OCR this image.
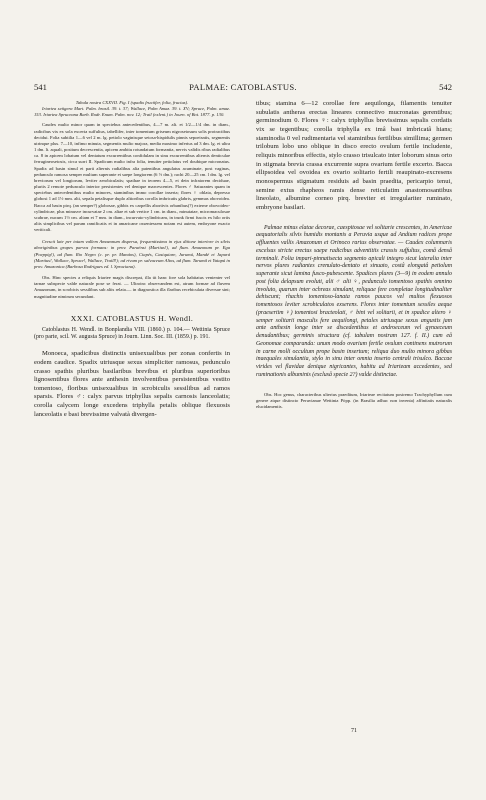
541	PALMAE: CATOBLASTUS.	542

Tabula nostra CXXVII. Fig. I (spadix fructifer, folia, fructus).

Iriartea setigera Mart. Palm. brasil. 39. t. 37; Wallace, Palm Amaz. 39. t. XV; Spruce, Palm. amaz. 153. Iriartea Spruceana Barb. Rodr. Enum. Palm. nov. 12; Trail (exlent.) in Journ. of Bot. 1877. p. 130.

Caudex multo minor quam in speciebus antecedentibus, 4—7 m. alt. et 1/2—1/4 dm. in diam., radicibus vix ex sola excerta suffultus, tabellifer, inter tomentum griseum nigrosetosum solis protractibus decidui. Folia subtilia 1—6 vel 2 m. lg. petiolo vaginisque setosa-hispidulis pinnis sepoeisntis, segmentis utrinque plus. 7—10, infimo minuta, segmentis multo majora, media maximo inferius ad 3 dm. lg. et ultra 1 dm. lt. aquali, positum decrescentia, apicem ambitu rotundatum formantia, nervis validis ribus radialibus ca. 8 in apicem lobatum vel dentatum excurrentibus confidulam in sinu excurrentibus alternis denticulae ferrugineosetosis, circa surri II. Spadicum multo infra folia, tenuiter petiolatus vel doubique micronatus. Spadix ad basin simul et parti alternis radialibus alia patentibus angulatus acuminate, post vaginas, pedunculo ramosa semper multum superante et saepe longiorem (6 ½ dm.); rachi 20—25 cm. l dm. lg. vel breviorum vel longiorum, leviter zerobiculatis; spathae in teorem 4—5, et dein infratorem deciduae, pluriis 2 remote pedunculo interior persistentes vel denique marcescentes. Flores ♂ Saturantes quam in speciebus antecedentibus multo minores, staminibus immo corollae inserta; flores ♀ oblata, depresso globosi 1 ad 1½ mm. alti, sepala petalisque duplo altioribus corolla imbricatis glabris, gemmas obovoidea. Bacca ad basin pirq. (an semper?) globosae, gibbis ex carpellis abortivis orbanibus(?) externe obovoideo-cylindricae, plus minusve incurvatae 2 cm. altae et sub vertice 1 cm. in diam., minutatae, micromaculosae scabrae, nucum 1½ cm. altam et 7 mm. in diam., incurvato-cylindricam, in trunk firmi fuscis ex hilo ortis aliis simplicibus vel parum ramificatis et in amaricane ossentessem notam est autem, embryone exacto veriticali.

Crescit late per totam vallem Amazonum dispersa, frequentissima in ejus ditione interiore in silvis aboriginibus grupes parvos formans: in prov. Paraënsi (Martius!), ad flum. Amazonum pr. Ega (Poeppig!), ad flum. Rio Negro (c. pr. pr. Manáos), Ciapés, Casiquiare, Jurumú, Mandé et Japurá (Martius!, Wallace, Spruce!, Wallace, Traill!); ad rivum pr. salvaceum Altos, ad flum. Tarumã et Yatapú in prov. Amazonica (Barbosa Rodrigues ed. l. Spruciana).

Obs. Hinc species a reliquis Iriartee magis discrepat, illa tit hanc fore sola habitatus venienter vel tarnae subspecie valde naturale pose se ferat. — Ultroinc observandem est, atrum formae ad fluvem Amazonum, in scrobicis sessilibus sub aliis relata.— in diagnostica illa flaribus recebiculata diversae sint; magnitudine nimirum secundant.

XXXI. CATOBLASTUS H. Wendl.

Catoblastus H. Wendl. in Bonplandia VIII. (1860.) p. 104.— Wettinia Spruce (pro parte, scil. W. augusta Spruce) in Journ. Linn. Soc. III. (1859.) p. 191.

Monoeca, spadicibus distinctis unisexualibus per zonas confertis in eodem caudice. Spadix utriusque sexus simpliciter ramosus, pedunculo crasso spathis pluribus basilaribus brevibus et pluribus superioribus lignosentibus flores ante anthesin involventibus persistentibus vestito tomentoso, floribus unisexualibus in scrobiculis sessilibus ad ramos sparsis. Flores ♂: calyx parvus triphyllus sepalis carnosis lanceolatis; corolla calycem longe excedens triphylla petalis oblique flexuosis lanceolatis e basi brevissime valvatà divergen-

tibus; stamina 6—12 corollae fere aequilonga, filamentis tenuiter subulatis antheras erectas lineares connectivo mucronatas gerentibus; germinodium 0. Flores ♀: calyx triphyllus brevissimus sepalis cordatis vix se tegentibus; corolla triphylla ex imâ basi imbricatâ hians; staminodia 0 vel rudimentaria vel staminibus fertilibus simillima; germen trilobum lobo uno oblique in disco erecto ovulum fertile includente, reliquis minoribus effectis, stylo crasso trisulcato inter loborum sinus orto in stigmata brevia crassa excurrente supra ovarium fertile excerto. Bacca ellipsoidea vel ovoidea ex ovario solitario fertili reaupinato-excresens monospermus stigmatum residuis ad basin praedita, pericarpio tenui, semine extus rhapheos ramis dense reticulatim anastomosantibus lineolato, albumine corneo pirq. breviter et irregulariter ruminato, embryone basilari.

Palmae minus elatae decorae, caespitosae vel solitarie crescentes, in Americae aequatorialis silvis humidis montanis a Peruvia usque ad Andium radices prope affluentes vallis Amazonum et Orinoco rarius observatae. — Caudex columnaris excelsus stricte erectus saepe radicibus adventitiis crassis suffultus, comâ densâ terminali. Folia impari-pinnatisecta segmento apicali integro sicut lateralia inter nervos plures radiantes crenulato-dentato et sinuato, costâ elongatâ petiolum superante sicut lamina fusco-pubescente. Spadices plures (3—9) in eodem annulo post folia delapsum evoluti, alii ♂ alii ♀, pedunculo tomentoso spathis omnino involuto, quarum inter ochreas simulant, reliquae fere completae longitudinaliter dehiscunt; rhachis tomentoso-lanata ramos paucos vel multos flexuosos tomentosos leviter scrobiculatos exserens. Flores inter tomentum sessiles aeque (praesertim ♀) tomentosi bracteolati, ♂ bini vel solitarii, et in spadice altero ♀ semper solitarii masculis fere aequilongi, petales utriusque sexus angustis jam ante anthesin longe inter se discedentibus et androeceum vel gynaeceum denudantibus; germinis structura (cf. tabulam nostram 127. f. II.) cum eâ Geonomae comparanda: unum modo ovarium fertile ovulum continens mutrorum in carne molli occultum prope basin insertum; reliqua duo multo minora gibbas inaequales simulantia, stylo in sinu inter omnia inserto centrali trisulco. Baccae virides vel flavidae denique nigricantes, habitu ad Iriarteam accedentes, sed ruminationis albuminis (exclusâ specie 2?) valde distinctae.

Obs. Hoc genus, characteribus ulterius praeditum, Iriarteae recitatum postremo Trachyphyllum cum genere atque distincto Peruvianae Wettinia Pöpp. (in Brasilia adhuc non inventa) affinitatis naturalis elucidamentis.

71
